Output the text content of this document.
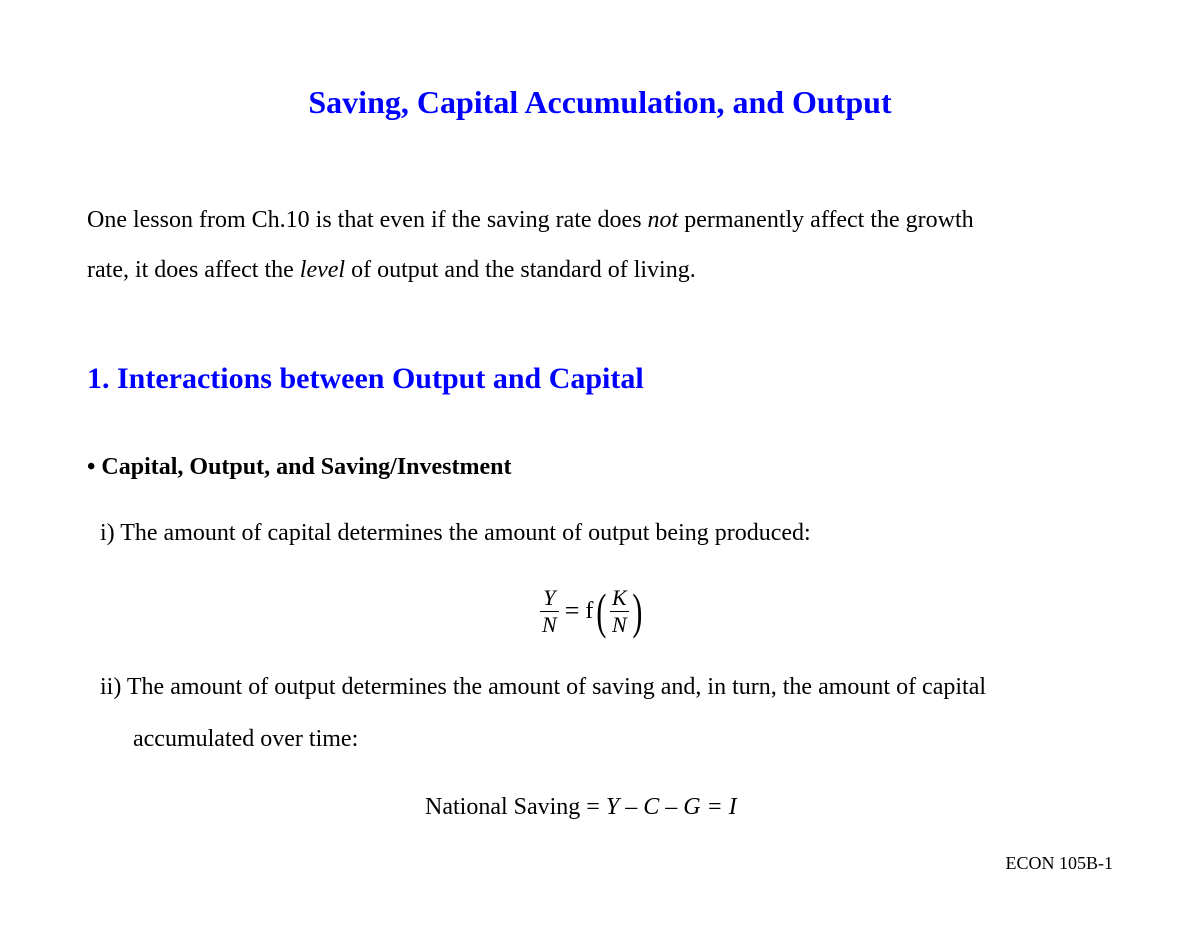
Saving, Capital Accumulation, and Output
One lesson from Ch.10 is that even if the saving rate does not permanently affect the growth
rate, it does affect the level of output and the standard of living.
1. Interactions between Output and Capital
• Capital, Output, and Saving/Investment
i) The amount of capital determines the amount of output being produced:
$\frac{Y}{N} = f$ ( $\frac{K}{N}$ )
ii) The amount of output determines the amount of saving and, in turn, the amount of capital
accumulated over time:
National Saving = Y – C – G = I
ECON 105B-1
